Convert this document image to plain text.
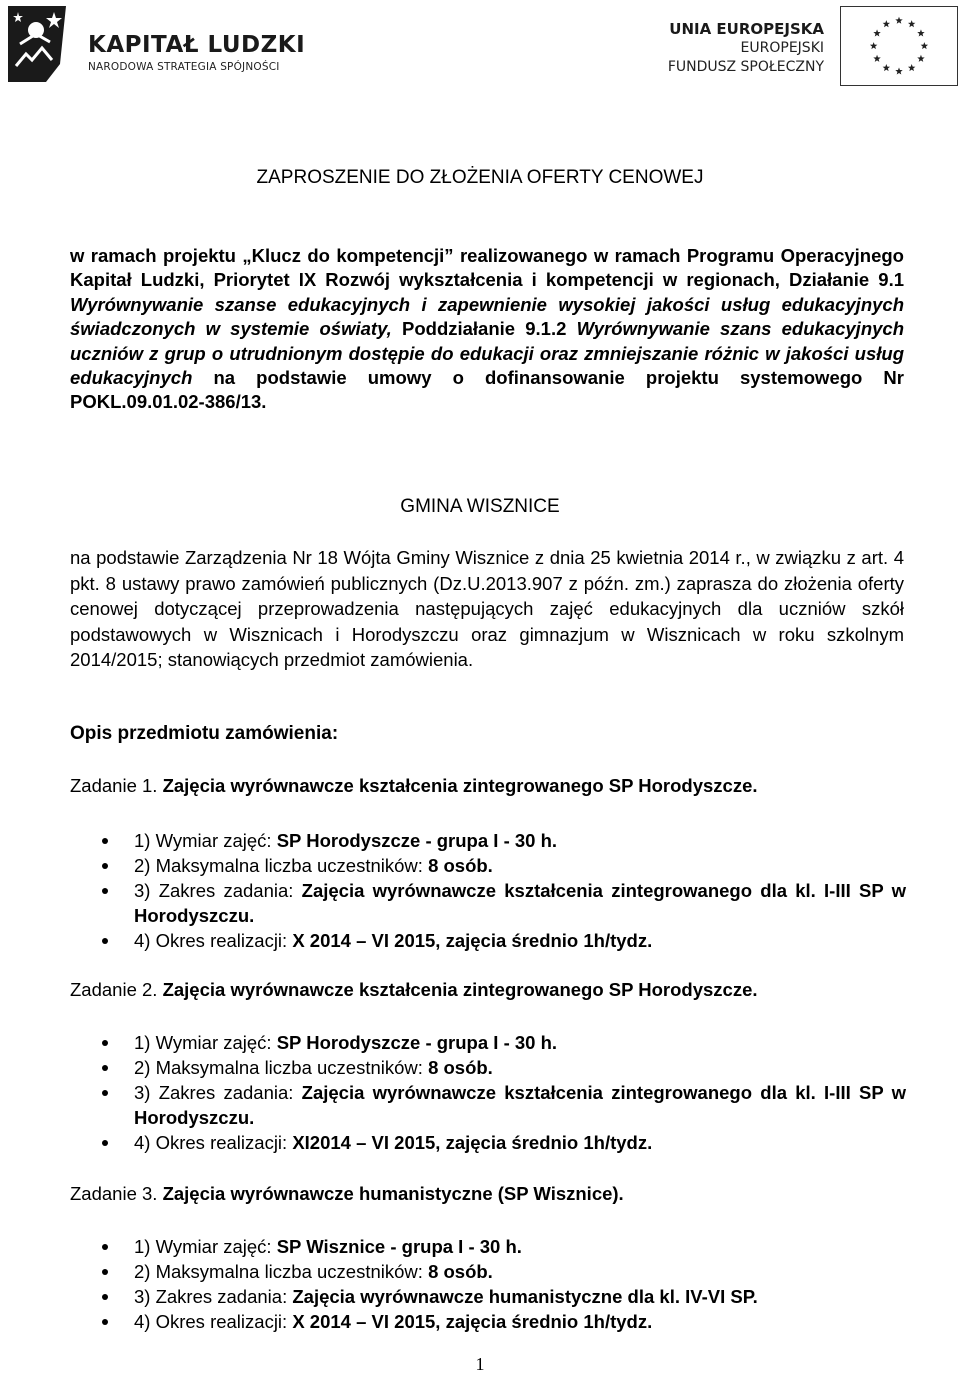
KAPITAŁ LUDZKI
NARODOWA STRATEGIA SPÓJNOŚCI
UNIA EUROPEJSKA
EUROPEJSKI
FUNDUSZ SPOŁECZNY
ZAPROSZENIE DO ZŁOŻENIA OFERTY CENOWEJ
w ramach projektu „Klucz do kompetencji” realizowanego w ramach Programu Operacyjnego Kapitał Ludzki, Priorytet IX Rozwój wykształcenia i kompetencji w regionach, Działanie 9.1 Wyrównywanie szanse edukacyjnych i zapewnienie wysokiej jakości usług edukacyjnych świadczonych w systemie oświaty, Poddziałanie 9.1.2 Wyrównywanie szans edukacyjnych uczniów z grup o utrudnionym dostępie do edukacji oraz zmniejszanie różnic w jakości usług edukacyjnych na podstawie umowy o dofinansowanie projektu systemowego Nr POKL.09.01.02-386/13.
GMINA WISZNICE
na podstawie Zarządzenia Nr 18 Wójta Gminy Wisznice z dnia 25 kwietnia 2014 r., w związku z art. 4 pkt. 8 ustawy prawo zamówień publicznych (Dz.U.2013.907 z późn. zm.) zaprasza do złożenia oferty cenowej dotyczącej przeprowadzenia następujących zajęć edukacyjnych dla uczniów szkół podstawowych w Wisznicach i Horodyszczu oraz gimnazjum w Wisznicach w roku szkolnym 2014/2015; stanowiących przedmiot zamówienia.
Opis przedmiotu zamówienia:
Zadanie 1. Zajęcia wyrównawcze kształcenia zintegrowanego SP Horodyszcze.
1) Wymiar zajęć: SP Horodyszcze - grupa I - 30 h.
2) Maksymalna liczba uczestników: 8 osób.
3) Zakres zadania: Zajęcia wyrównawcze kształcenia zintegrowanego dla kl. I-III SP w Horodyszczu.
4) Okres realizacji: X 2014 – VI 2015, zajęcia średnio 1h/tydz.
Zadanie 2. Zajęcia wyrównawcze kształcenia zintegrowanego SP Horodyszcze.
1) Wymiar zajęć: SP Horodyszcze - grupa I - 30 h.
2) Maksymalna liczba uczestników: 8 osób.
3) Zakres zadania: Zajęcia wyrównawcze kształcenia zintegrowanego dla kl. I-III SP w Horodyszczu.
4) Okres realizacji: XI2014 – VI 2015, zajęcia średnio 1h/tydz.
Zadanie 3. Zajęcia wyrównawcze humanistyczne (SP Wisznice).
1) Wymiar zajęć: SP Wisznice - grupa I - 30 h.
2) Maksymalna liczba uczestników: 8 osób.
3) Zakres zadania: Zajęcia wyrównawcze humanistyczne dla kl. IV-VI SP.
4) Okres realizacji: X 2014 – VI 2015, zajęcia średnio 1h/tydz.
1
